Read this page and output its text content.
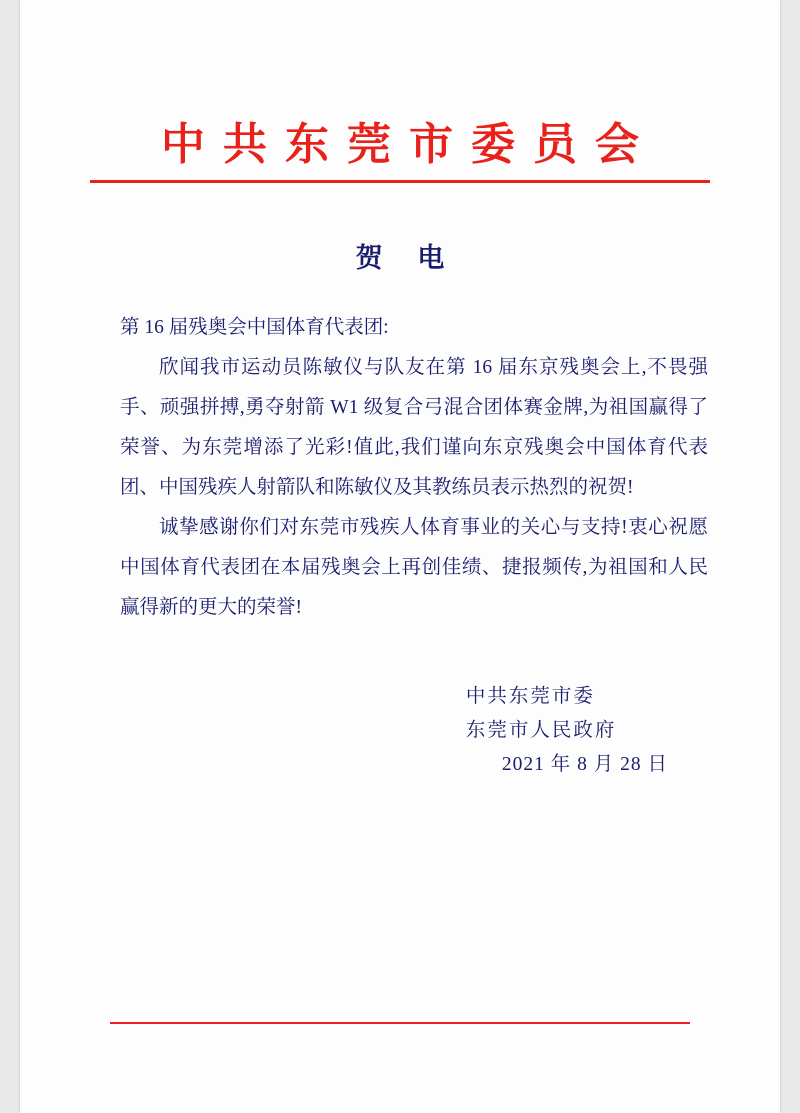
中共东莞市委员会
贺 电

第 16 届残奥会中国体育代表团:

欣闻我市运动员陈敏仪与队友在第 16 届东京残奥会上,不畏强手、顽强拼搏,勇夺射箭 W1 级复合弓混合团体赛金牌,为祖国赢得了荣誉、为东莞增添了光彩!值此,我们谨向东京残奥会中国体育代表团、中国残疾人射箭队和陈敏仪及其教练员表示热烈的祝贺!

诚挚感谢你们对东莞市残疾人体育事业的关心与支持!衷心祝愿中国体育代表团在本届残奥会上再创佳绩、捷报频传,为祖国和人民赢得新的更大的荣誉!

中共东莞市委
东莞市人民政府
2021 年 8 月 28 日
